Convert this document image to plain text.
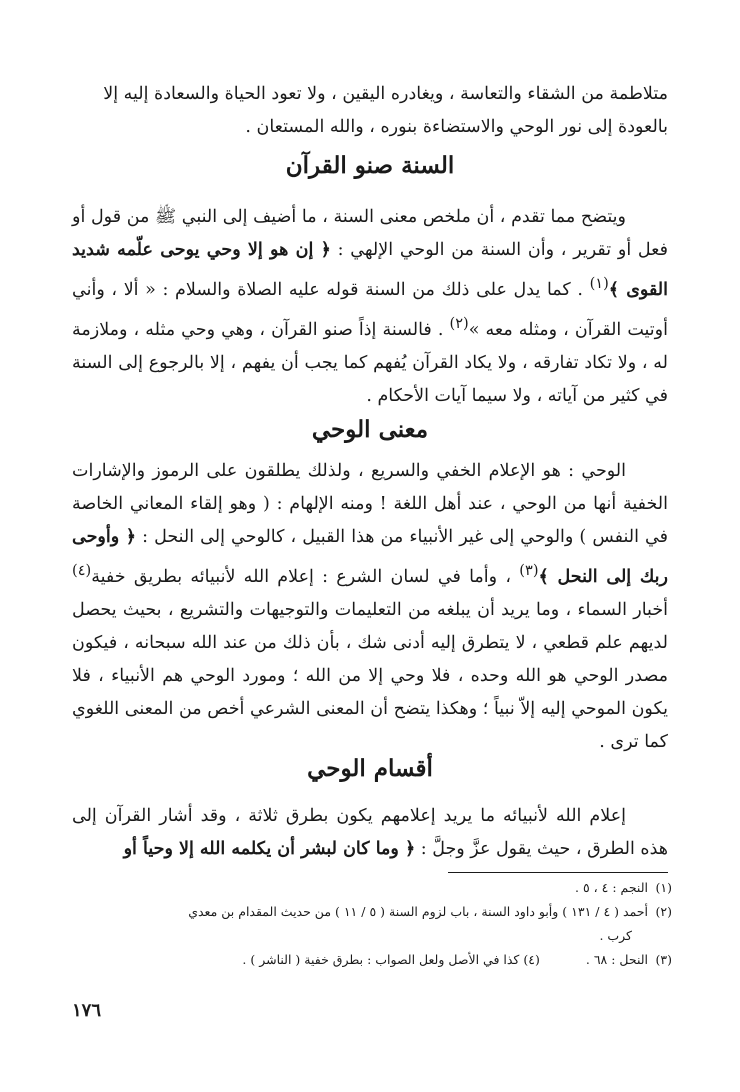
متلاطمة من الشقاء والتعاسة ، ويغادره اليقين ، ولا تعود الحياة والسعادة إليه إلا

بالعودة إلى نور الوحي والاستضاءة بنوره ، والله المستعان .

السنة صنو القرآن

ويتضح مما تقدم ، أن ملخص معنى السنة ، ما أضيف إلى النبي ﷺ من قول أو فعل أو تقرير ، وأن السنة من الوحي الإلهي : ﴿ إن هو إلا وحي يوحى علّمه شديد القوى ﴾$^{(١)}$ . كما يدل على ذلك من السنة قوله عليه الصلاة والسلام : « ألا ، وأني أوتيت القرآن ، ومثله معه »$^{(٢)}$ . فالسنة إذاً صنو القرآن ، وهي وحي مثله ، وملازمة له ، ولا تكاد تفارقه ، ولا يكاد القرآن يُفهم كما يجب أن يفهم ، إلا بالرجوع إلى السنة في كثير من آياته ، ولا سيما آيات الأحكام .

معنى الوحي

الوحي : هو الإعلام الخفي والسريع ، ولذلك يطلقون على الرموز والإشارات الخفية أنها من الوحي ، عند أهل اللغة ! ومنه الإلهام : ( وهو إلقاء المعاني الخاصة في النفس ) والوحي إلى غير الأنبياء من هذا القبيل ، كالوحي إلى النحل : ﴿ وأوحى ربك إلى النحل ﴾$^{(٣)}$ ، وأما في لسان الشرع : إعلام الله لأنبيائه بطريق خفية$^{(٤)}$ أخبار السماء ، وما يريد أن يبلغه من التعليمات والتوجيهات والتشريع ، بحيث يحصل لديهم علم قطعي ، لا يتطرق إليه أدنى شك ، بأن ذلك من عند الله سبحانه ، فيكون مصدر الوحي هو الله وحده ، فلا وحي إلا من الله ؛ ومورد الوحي هم الأنبياء ، فلا يكون الموحي إليه إلاّ نبياً ؛ وهكذا يتضح أن المعنى الشرعي أخص من المعنى اللغوي كما ترى .

أقسام الوحي

إعلام الله لأنبيائه ما يريد إعلامهم يكون بطرق ثلاثة ، وقد أشار القرآن إلى هذه الطرق ، حيث يقول عزَّ وجلَّ : ﴿ وما كان لبشر أن يكلمه الله إلا وحياً أو

(١)
النجم : ٤ ، ٥ .
(٢)
أحمد ( ٤ / ١٣١ ) وأبو داود السنة ، باب لزوم السنة ( ٥ / ١١ ) من حديث المقدام بن معدي
كرب .
(٣)
النحل : ٦٨ .
(٤)

كذا في الأصل ولعل الصواب : بطرق خفية ( الناشر ) .
١٧٦
